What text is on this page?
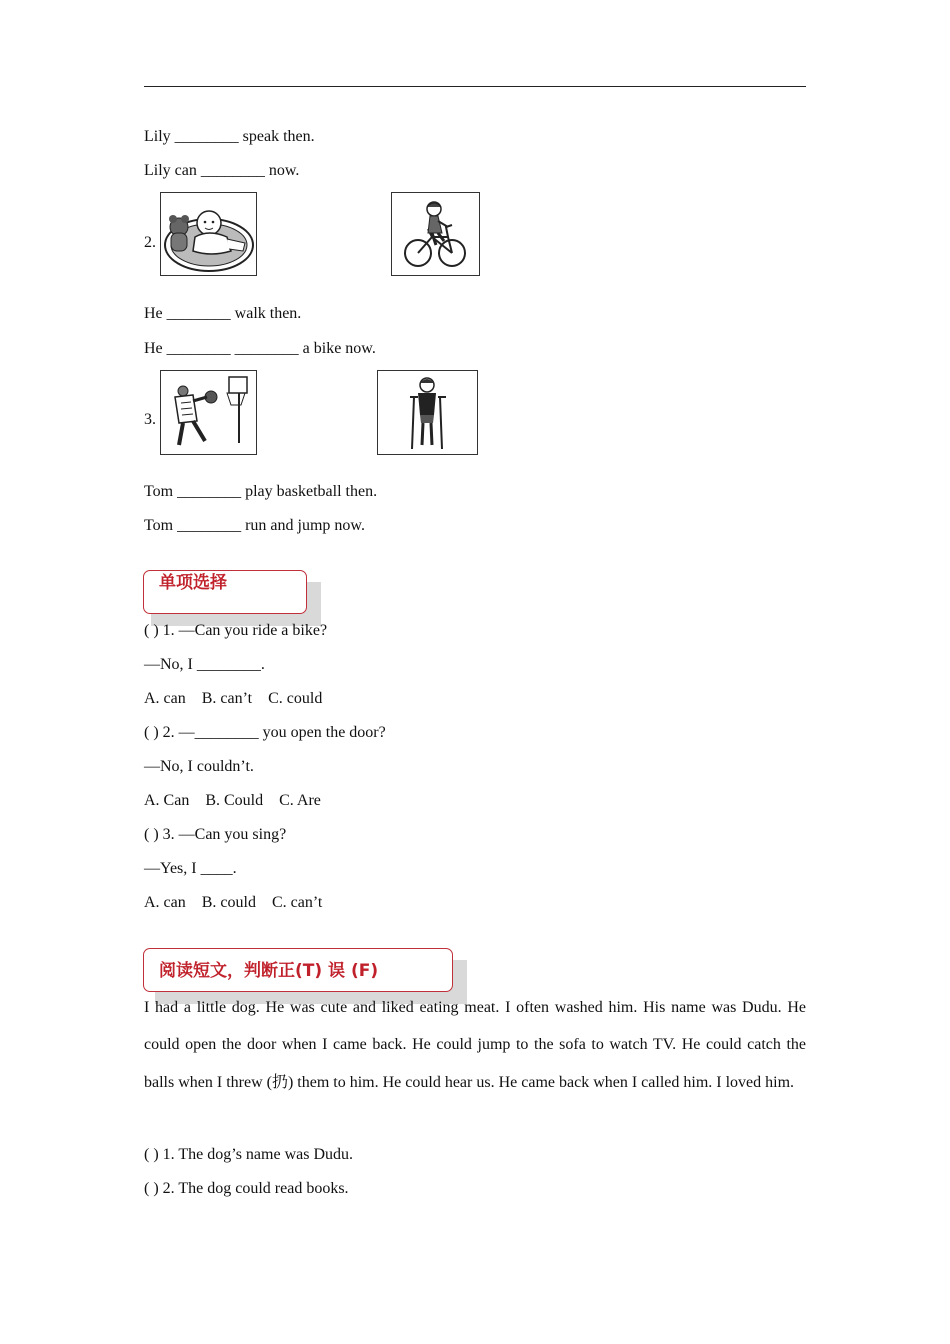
Lily ________ speak then.
Lily can ________ now.
2.
He ________ walk then.
He ________ ________ a bike now.
3.
Tom ________ play basketball then.
Tom ________ run and jump now.
单项选择
( ) 1. —Can you ride a bike?
—No, I ________.
A. can    B. can’t    C. could
( ) 2. —________ you open the door?
—No, I couldn’t.
A. Can    B. Could    C. Are
( ) 3. —Can you sing?
—Yes, I ____.
A. can    B. could    C. can’t
阅读短文，判断正(T) 误 (F)
I had a little dog. He was cute and liked eating meat. I often washed him. His name was Dudu. He could open the door when I came back. He could jump to the sofa to watch TV. He could catch the balls when I threw (扔) them to him. He could hear us. He came back when I called him. I loved him.
( ) 1. The dog’s name was Dudu.
( ) 2. The dog could read books.
